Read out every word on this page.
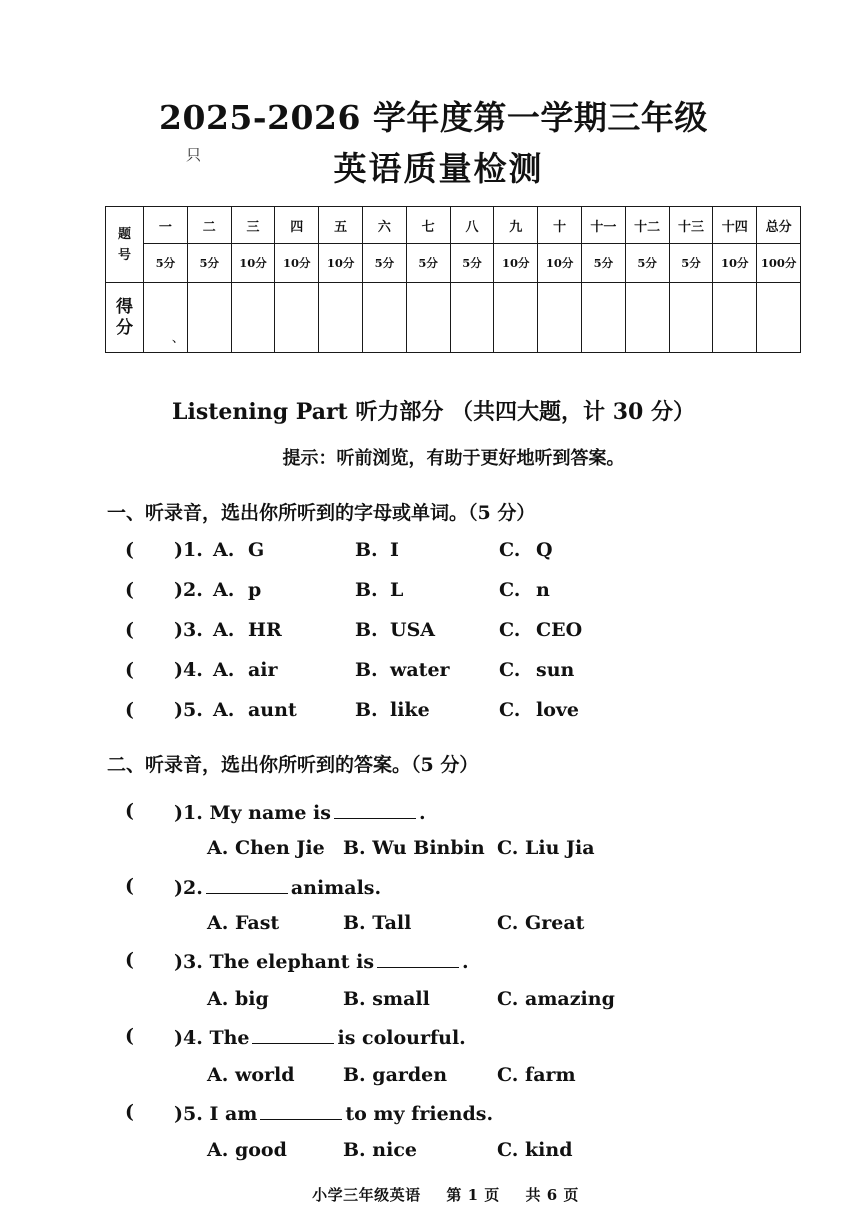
2025-2026 学年度第一学期三年级
只	英语质量检测
题号	一	二	三	四	五	六	七	八	九	十	十一	十二	十三	十四	总分
	5分	5分	10分	10分	10分	5分	5分	5分	10分	10分	5分	5分	5分	10分	100分
得分	、														
Listening Part 听力部分 （共四大题，计 30 分）
提示：听前浏览，有助于更好地听到答案。
一、听录音，选出你所听到的字母或单词。（5 分）
( )1. A. G	B. I	C. Q
( )2. A. p	B. L	C. n
( )3. A. HR	B. USA	C. CEO
( )4. A. air	B. water	C. sun
( )5. A. aunt	B. like	C. love
二、听录音，选出你所听到的答案。（5 分）
( )1. My name is	.
A. Chen Jie B. Wu Binbin C. Liu Jia
( )2.	animals.
A. Fast	B. Tall	C. Great
( )3. The elephant is	.
A. big	B. small	C. amazing
( )4. The	is colourful.
A. world	B. garden	C. farm
( )5. I am	to my friends.
A. good	B. nice	C. kind
小学三年级英语 第 1 页 共 6 页
